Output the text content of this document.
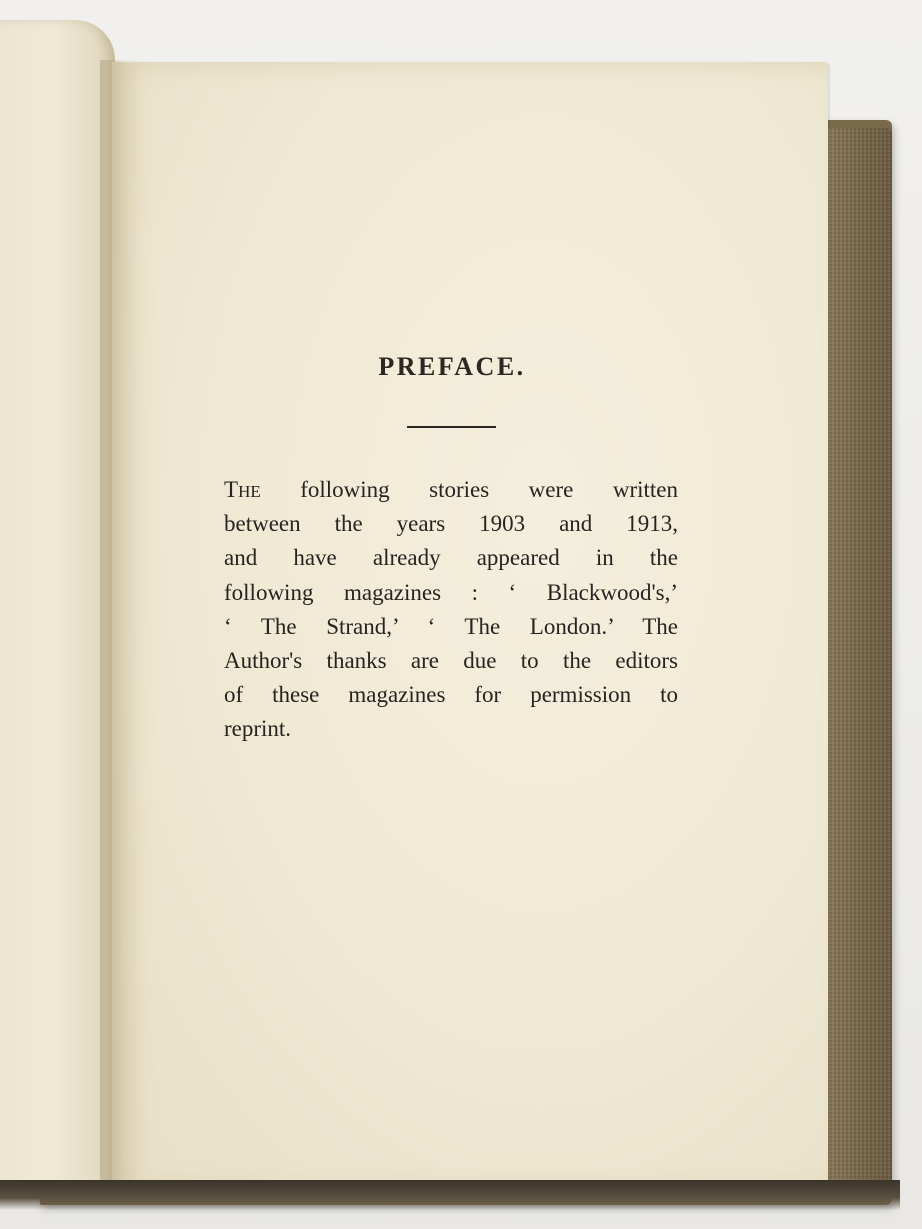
PREFACE.
THE following stories were written
between the years 1903 and 1913,
and have already appeared in the
following magazines : ‘ Blackwood's,’
‘ The Strand,’ ‘ The London.’ The
Author's thanks are due to the editors
of these magazines for permission to
reprint.
